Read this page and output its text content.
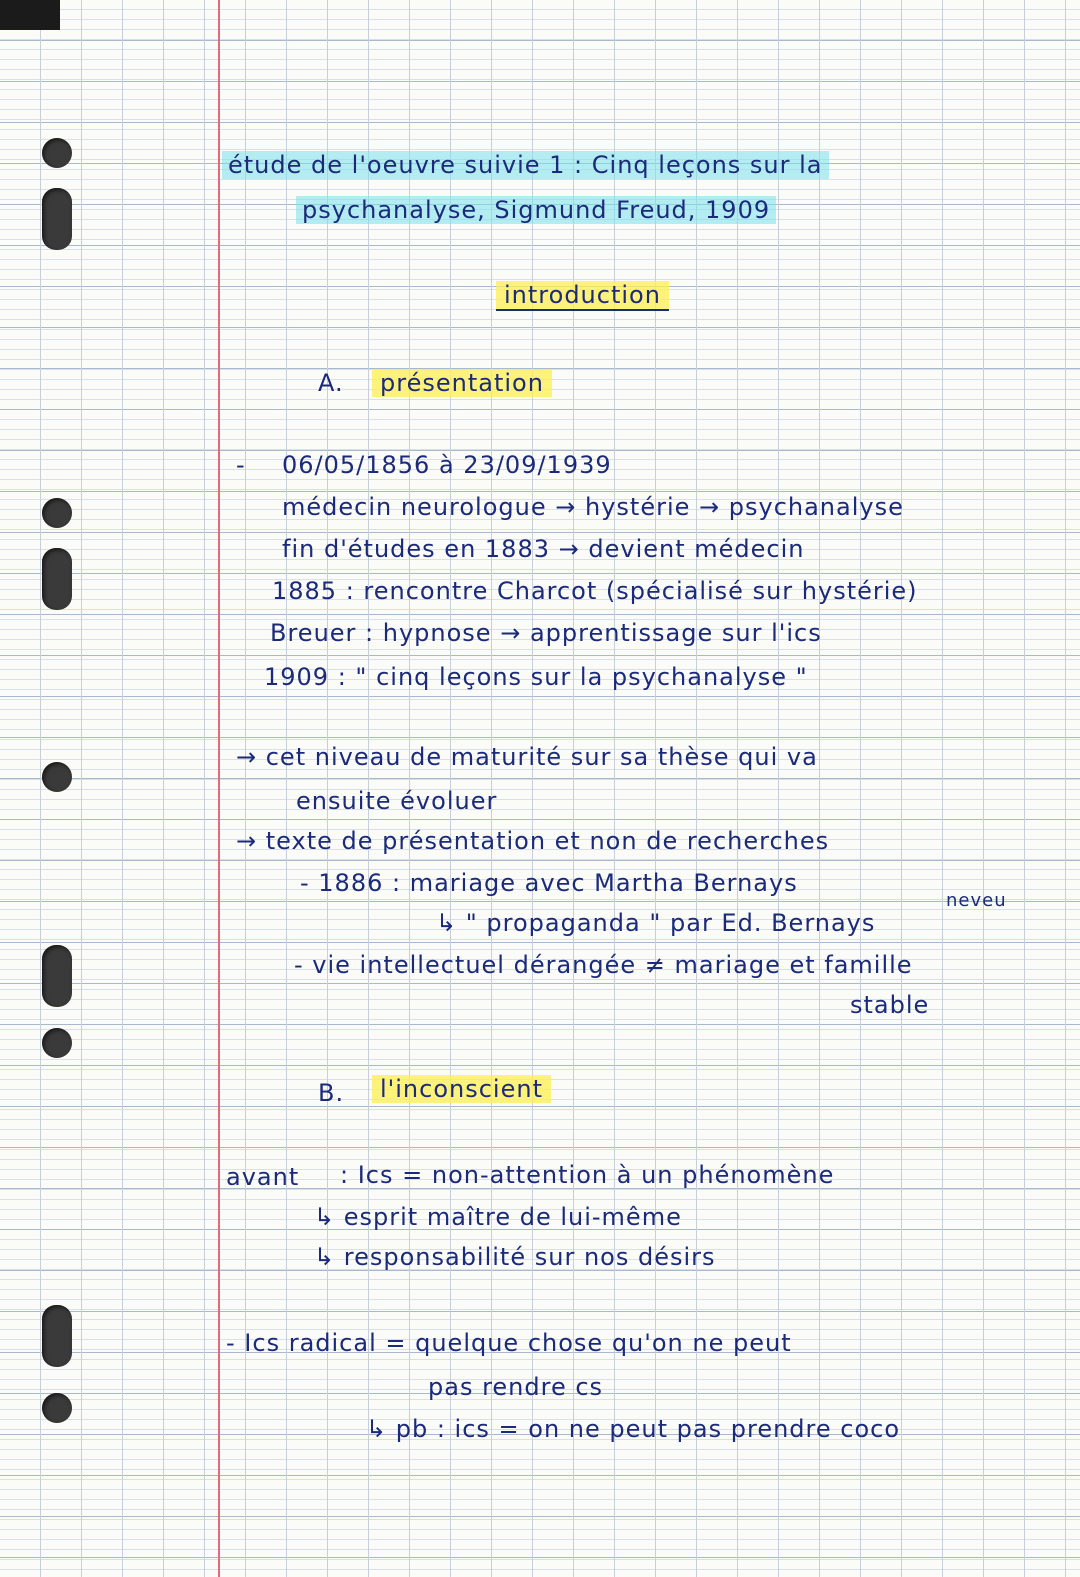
étude de l'oeuvre suivie 1 : Cinq leçons sur la
psychanalyse, Sigmund Freud, 1909
introduction
A.	présentation
- 06/05/1856 à 23/09/1939
médecin neurologue → hystérie → psychanalyse
fin d'études en 1883 → devient médecin
1885 : rencontre Charcot (spécialisé sur hystérie)
Breuer : hypnose → apprentissage sur l'ics
1909 : " cinq leçons sur la psychanalyse "
→ cet niveau de maturité sur sa thèse qui va
ensuite évoluer
→ texte de présentation et non de recherches
- 1886 : mariage avec Martha Bernays
neveu
↳ " propaganda " par Ed. Bernays
- vie intellectuel dérangée ≠ mariage et famille
stable
B.	l'inconscient
avant : Ics = non-attention à un phénomène
↳ esprit maître de lui-même
↳ responsabilité sur nos désirs
- Ics radical = quelque chose qu'on ne peut
pas rendre cs
↳ pb : ics = on ne peut pas prendre coco
